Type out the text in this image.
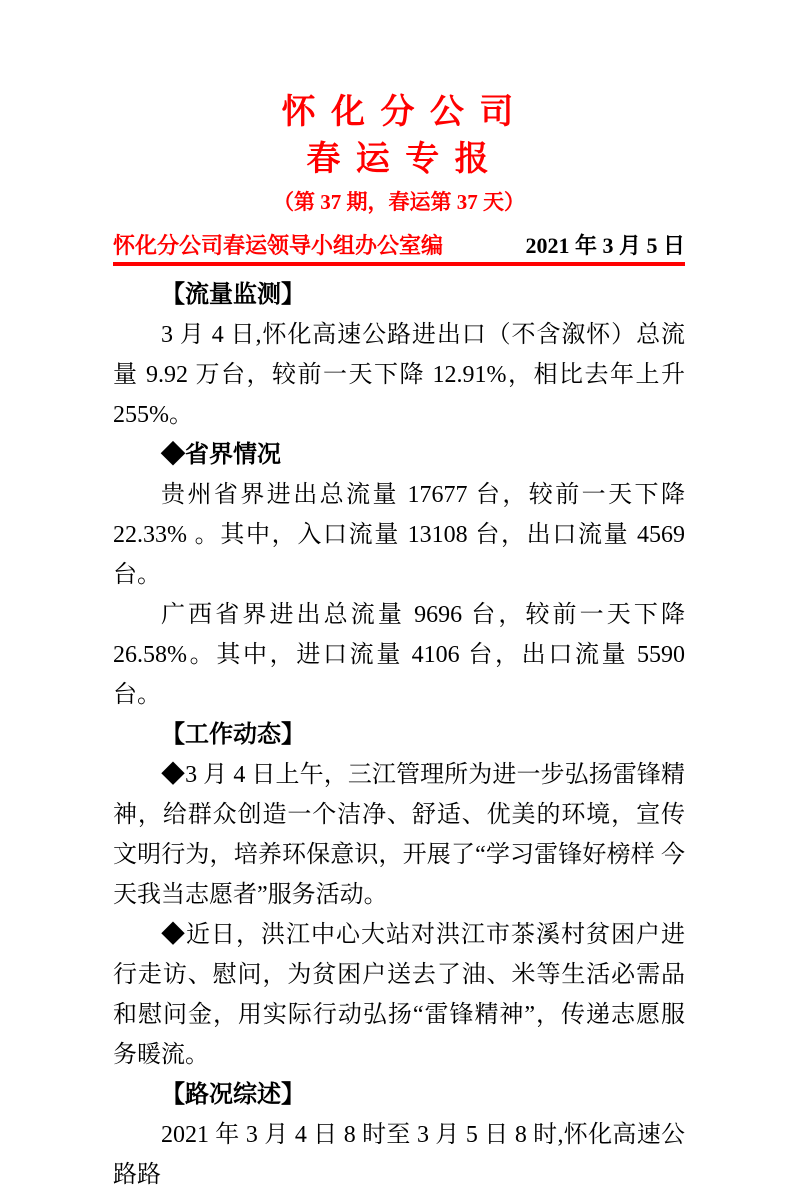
怀 化 分 公 司
春 运 专 报
（第 37 期，春运第 37 天）
怀化分公司春运领导小组办公室编	2021 年 3 月 5 日
【流量监测】
3 月 4 日,怀化高速公路进出口（不含溆怀）总流量 9.92 万台，较前一天下降 12.91%，相比去年上升 255%。
◆省界情况
贵州省界进出总流量 17677 台，较前一天下降 22.33% 。其中，入口流量 13108 台，出口流量 4569 台。
广西省界进出总流量 9696 台，较前一天下降 26.58%。其中，进口流量 4106 台，出口流量 5590 台。
【工作动态】
◆3 月 4 日上午，三江管理所为进一步弘扬雷锋精神，给群众创造一个洁净、舒适、优美的环境，宣传文明行为，培养环保意识，开展了“学习雷锋好榜样 今天我当志愿者”服务活动。
◆近日，洪江中心大站对洪江市茶溪村贫困户进行走访、慰问，为贫困户送去了油、米等生活必需品和慰问金，用实际行动弘扬“雷锋精神”，传递志愿服务暖流。
【路况综述】
2021 年 3 月 4 日 8 时至 3 月 5 日 8 时,怀化高速公路路
